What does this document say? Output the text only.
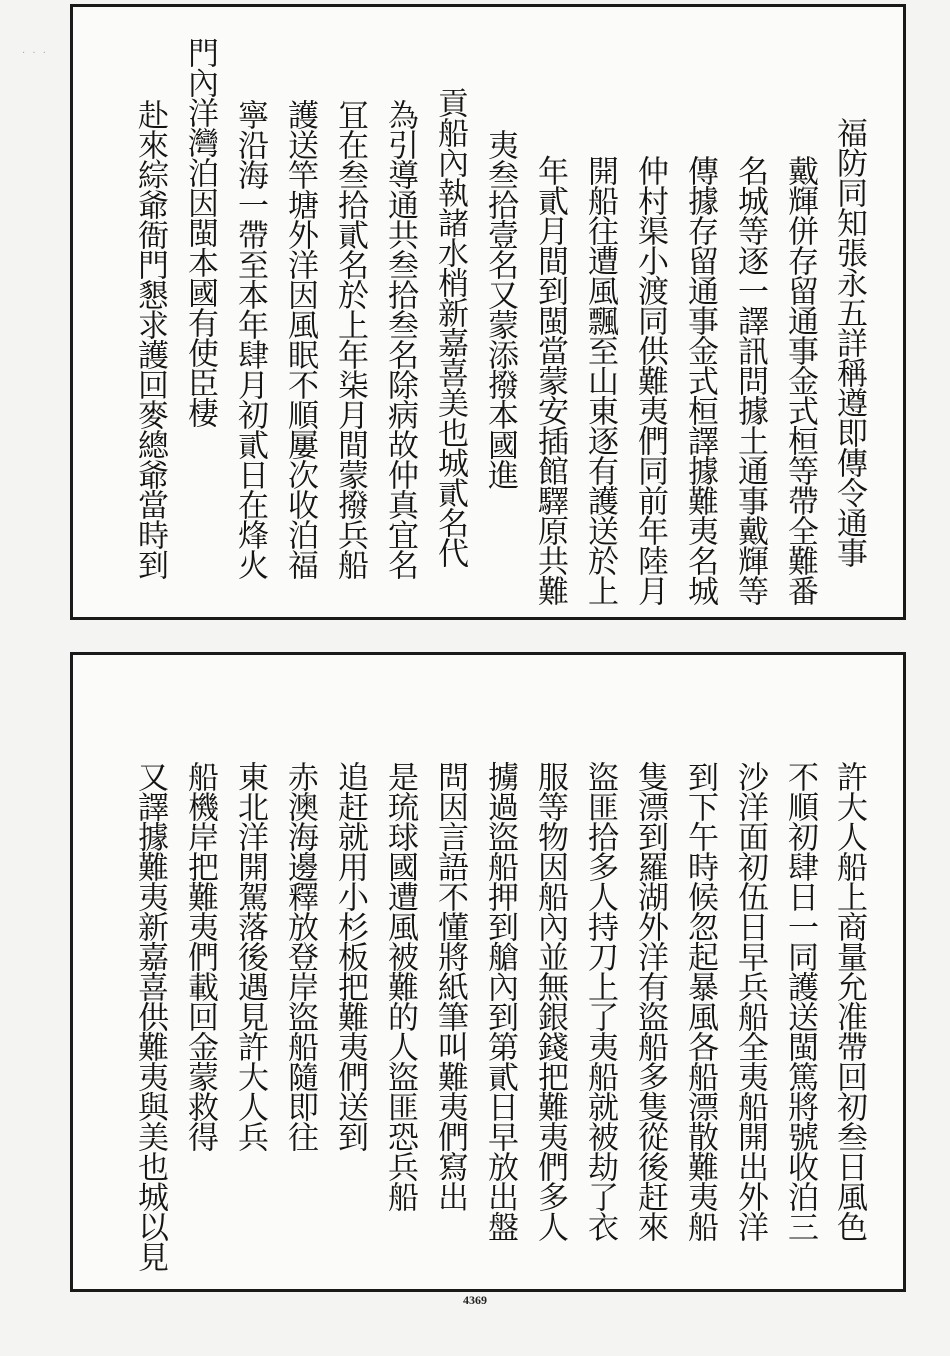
· · ·
福防同知張永五詳稱遵即傳令通事
戴輝併存留通事金式桓等帶全難番
名城等逐一譯訊問據土通事戴輝等
傳據存留通事金式桓譯據難夷名城
仲村渠小渡同供難夷們同前年陸月
開船往遭風飄至山東逐有護送於上
年貳月間到閩當蒙安插館驛原共難
夷叁拾壹名又蒙添撥本國進
貢船內執諸水梢新嘉喜美也城貳名代
為引導通共叁拾叁名除病故仲真宜名
冝在叁拾貳名於上年柒月間蒙撥兵船
護送竿塘外洋因風眠不順屢次收泊福
寧沿海一帶至本年肆月初貳日在烽火
門內洋灣泊因閩本國有使臣棲
赴來綜爺衙門懇求護回麥總爺當時到
許大人船上商量允准帶回初叁日風色
不順初肆日一同護送閩篤將號收泊三
沙洋面初伍日早兵船全夷船開出外洋
到下午時候忽起暴風各船漂散難夷船
隻漂到羅湖外洋有盜船多隻從後赶來
盜匪拾多人持刀上了夷船就被劫了衣
服等物因船內並無銀錢把難夷們多人
擄過盜船押到艙內到第貳日早放出盤
問因言語不懂將紙筆叫難夷們寫出
是琉球國遭風被難的人盜匪恐兵船
追赶就用小杉板把難夷們送到
赤澳海邊釋放登岸盜船隨即往
東北洋開駕落後遇見許大人兵
船機岸把難夷們載回金蒙救得
又譯據難夷新嘉喜供難夷與美也城以見
4369
